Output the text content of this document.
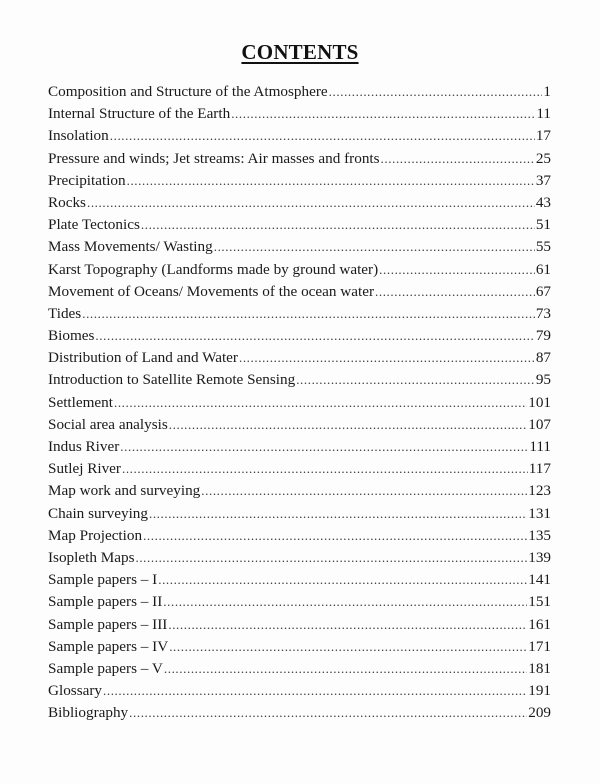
CONTENTS
Composition and Structure of the Atmosphere .....	1
Internal Structure of the Earth .....	11
Insolation .....	17
Pressure and winds; Jet streams: Air masses and fronts .....	25
Precipitation .....	37
Rocks .....	43
Plate Tectonics .....	51
Mass Movements/ Wasting .....	55
Karst Topography (Landforms made by ground water) .....	61
Movement of Oceans/ Movements of the ocean water .....	67
Tides .....	73
Biomes .....	79
Distribution of Land and Water .....	87
Introduction to Satellite Remote Sensing .....	95
Settlement .....	101
Social area analysis .....	107
Indus River .....	111
Sutlej River .....	117
Map work and surveying .....	123
Chain surveying .....	131
Map Projection .....	135
Isopleth Maps .....	139
Sample papers – I .....	141
Sample papers – II .....	151
Sample papers – III .....	161
Sample papers – IV .....	171
Sample papers – V .....	181
Glossary .....	191
Bibliography .....	209
